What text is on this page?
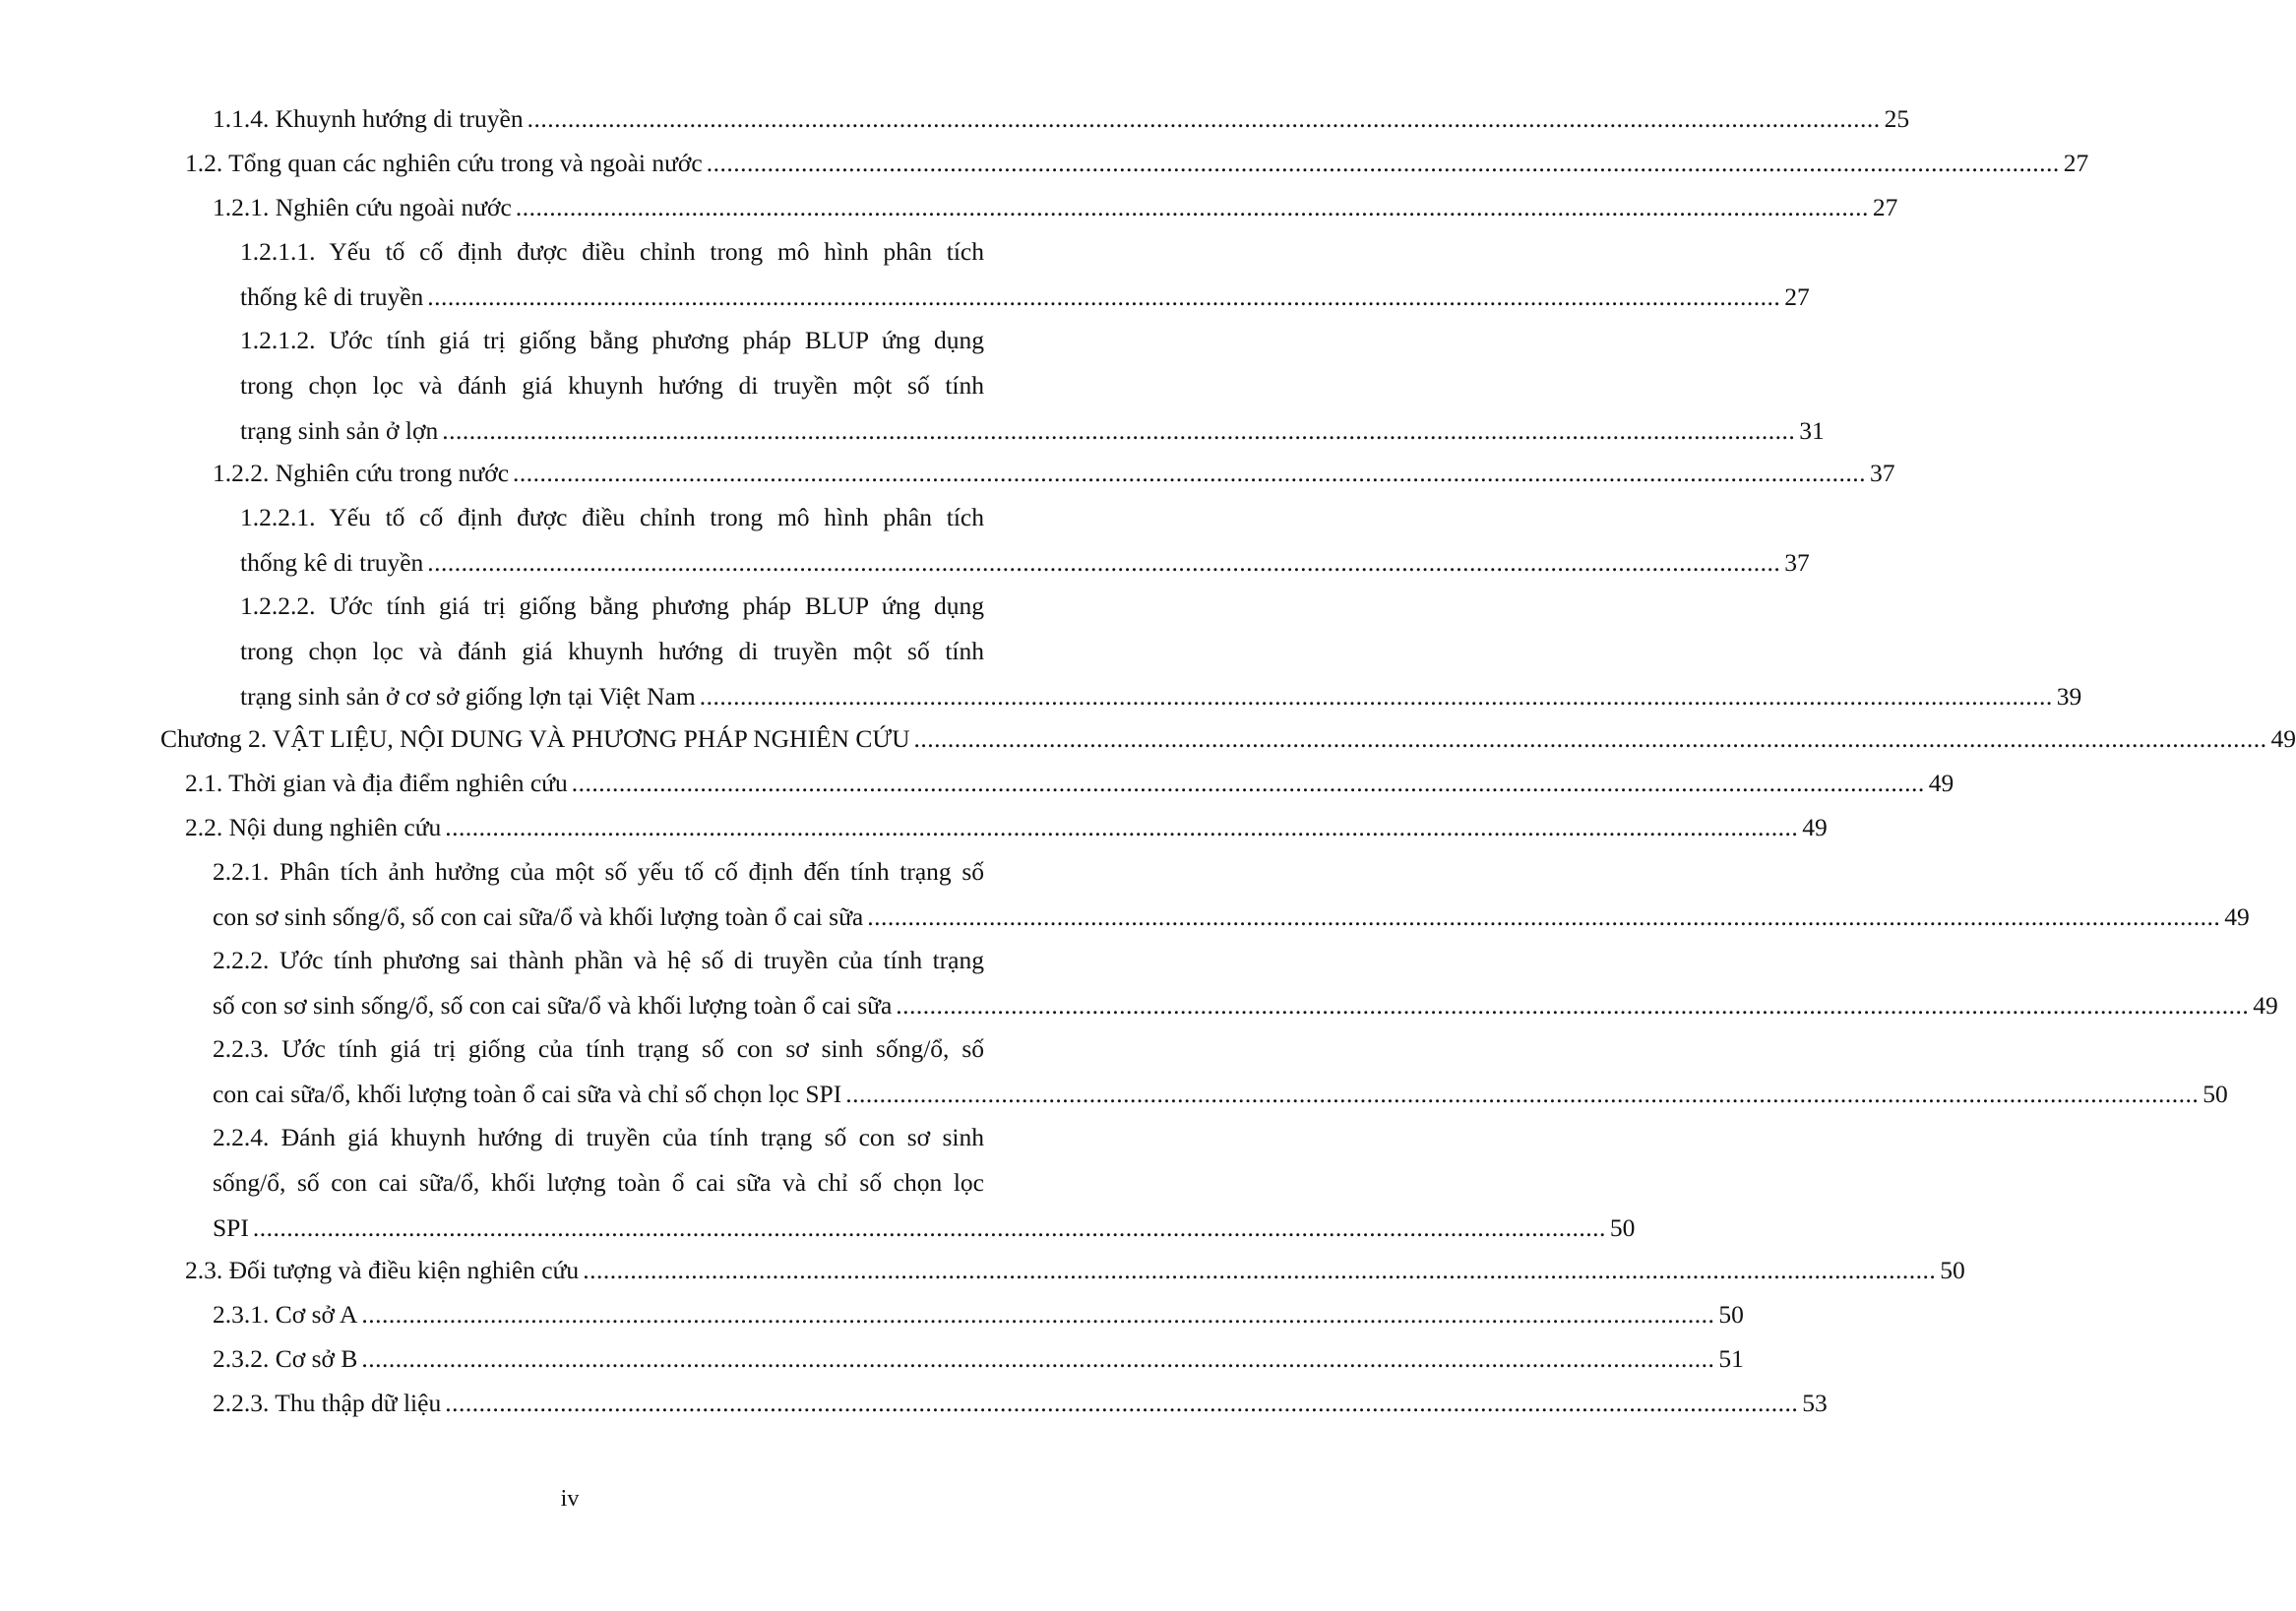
1.1.4. Khuynh hướng di truyền ........................................................................................................................................................................................................ 25
1.2. Tổng quan các nghiên cứu trong và ngoài nước ........................................................................................................................................................................................................ 27
1.2.1. Nghiên cứu ngoài nước ........................................................................................................................................................................................................ 27
1.2.1.1. Yếu tố cố định được điều chỉnh trong mô hình phân tích
thống kê di truyền ........................................................................................................................................................................................................ 27
1.2.1.2. Ước tính giá trị giống bằng phương pháp BLUP ứng dụng
trong chọn lọc và đánh giá khuynh hướng di truyền một số tính
trạng sinh sản ở lợn ........................................................................................................................................................................................................ 31
1.2.2. Nghiên cứu trong nước ........................................................................................................................................................................................................ 37
1.2.2.1. Yếu tố cố định được điều chỉnh trong mô hình phân tích
thống kê di truyền ........................................................................................................................................................................................................ 37
1.2.2.2. Ước tính giá trị giống bằng phương pháp BLUP ứng dụng
trong chọn lọc và đánh giá khuynh hướng di truyền một số tính
trạng sinh sản ở cơ sở giống lợn tại Việt Nam ........................................................................................................................................................................................................ 39
Chương 2. VẬT LIỆU, NỘI DUNG VÀ PHƯƠNG PHÁP NGHIÊN CỨU ........................................................................................................................................................................................................ 49
2.1. Thời gian và địa điểm nghiên cứu ........................................................................................................................................................................................................ 49
2.2. Nội dung nghiên cứu ........................................................................................................................................................................................................ 49
2.2.1. Phân tích ảnh hưởng của một số yếu tố cố định đến tính trạng số
con sơ sinh sống/ổ, số con cai sữa/ổ và khối lượng toàn ổ cai sữa ........................................................................................................................................................................................................ 49
2.2.2. Ước tính phương sai thành phần và hệ số di truyền của tính trạng
số con sơ sinh sống/ổ, số con cai sữa/ổ và khối lượng toàn ổ cai sữa ........................................................................................................................................................................................................ 49
2.2.3. Ước tính giá trị giống của tính trạng số con sơ sinh sống/ổ, số
con cai sữa/ổ, khối lượng toàn ổ cai sữa và chỉ số chọn lọc SPI ........................................................................................................................................................................................................ 50
2.2.4. Đánh giá khuynh hướng di truyền của tính trạng số con sơ sinh
sống/ổ, số con cai sữa/ổ, khối lượng toàn ổ cai sữa và chỉ số chọn lọc
SPI ........................................................................................................................................................................................................ 50
2.3. Đối tượng và điều kiện nghiên cứu ........................................................................................................................................................................................................ 50
2.3.1. Cơ sở A ........................................................................................................................................................................................................ 50
2.3.2. Cơ sở B ........................................................................................................................................................................................................ 51
2.2.3. Thu thập dữ liệu ........................................................................................................................................................................................................ 53
iv
